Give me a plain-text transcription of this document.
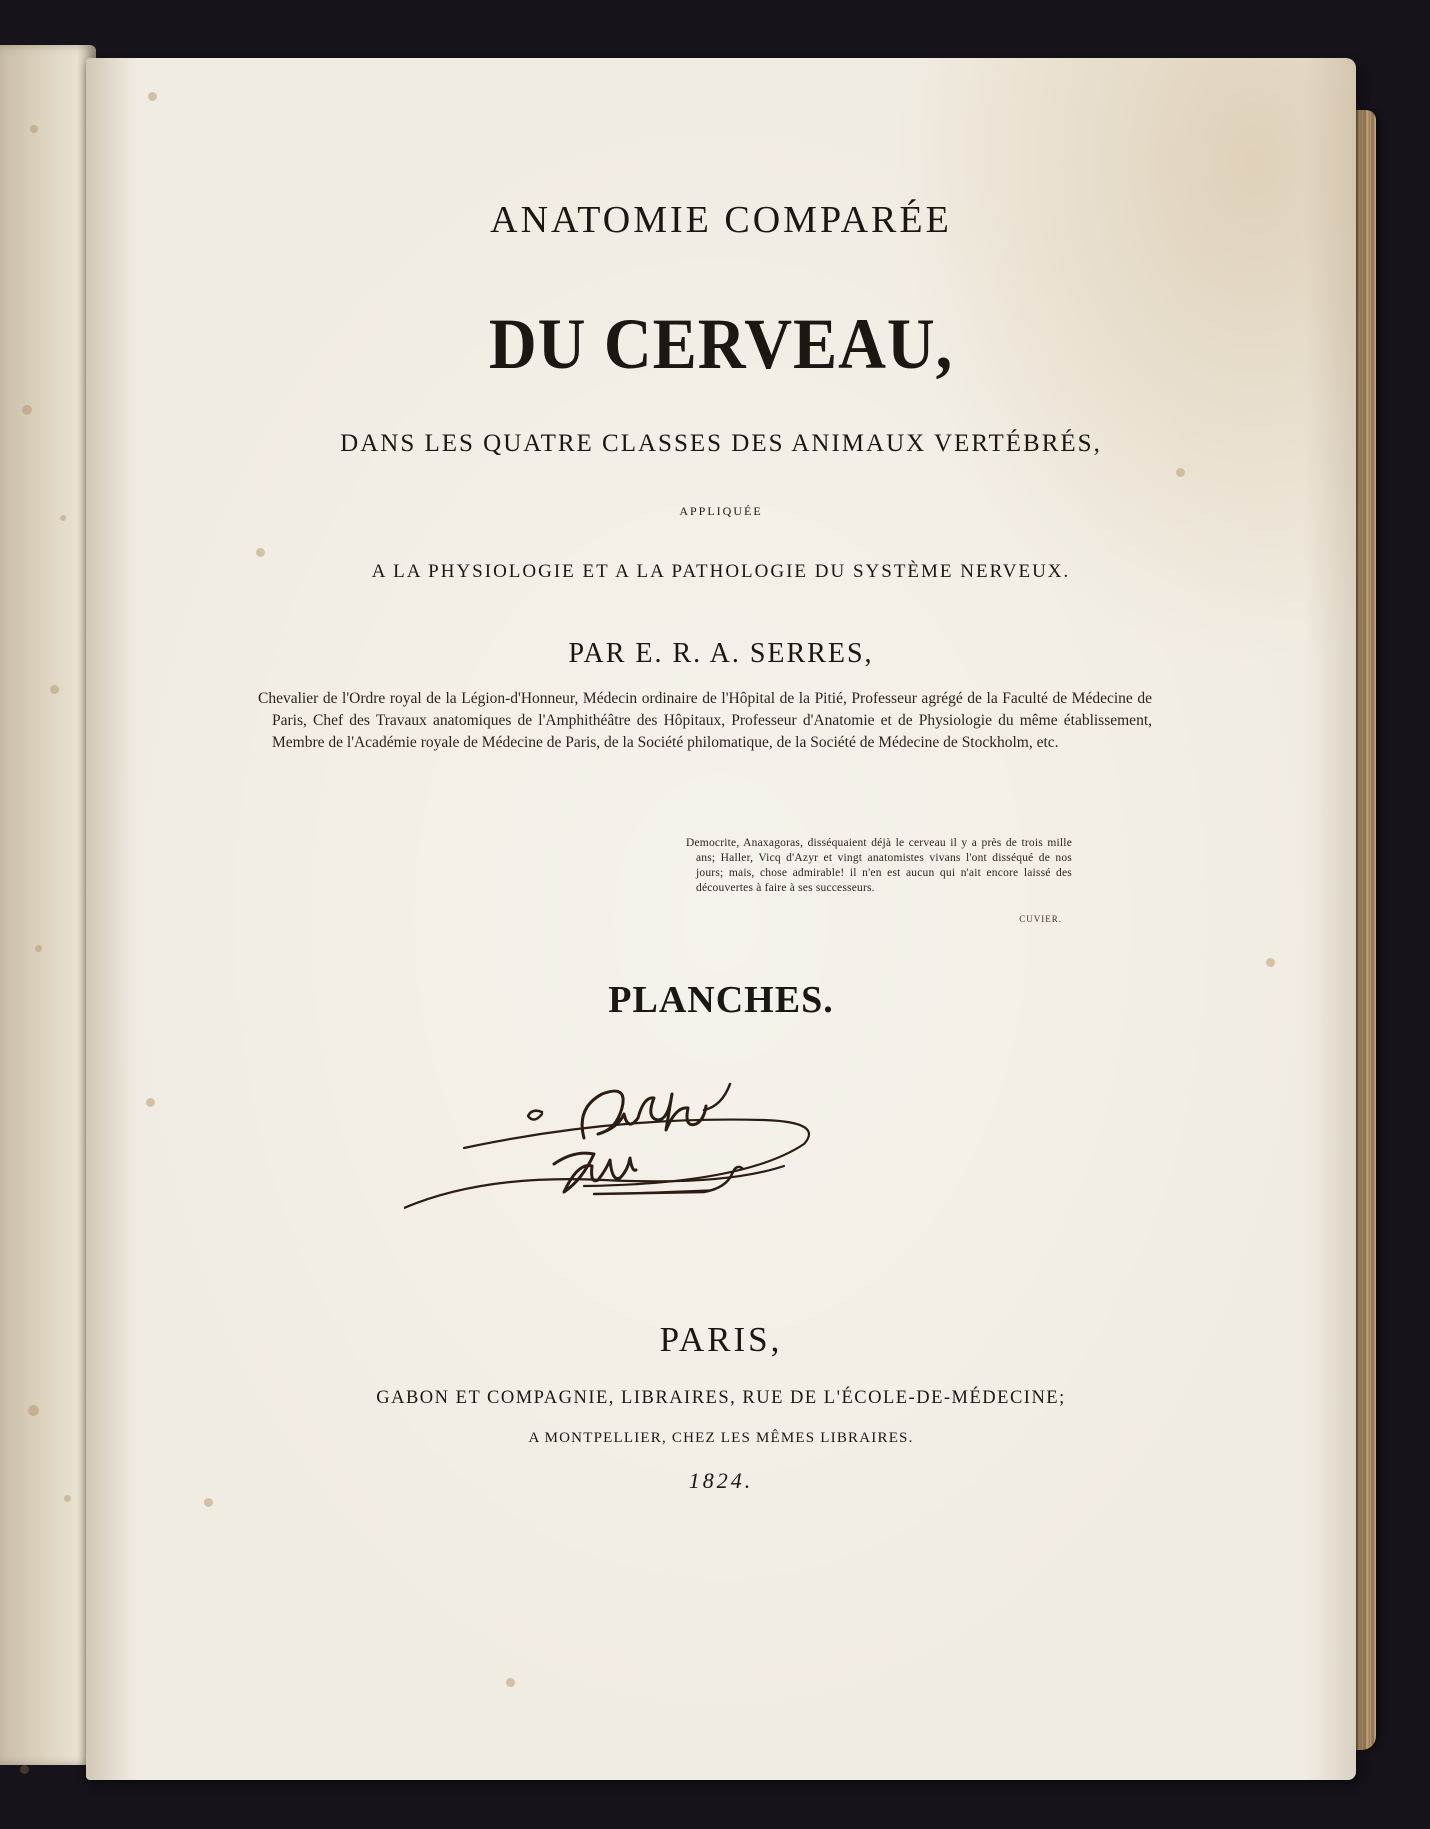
ANATOMIE COMPARÉE
DU CERVEAU,
DANS LES QUATRE CLASSES DES ANIMAUX VERTÉBRÉS,
APPLIQUÉE
A LA PHYSIOLOGIE ET A LA PATHOLOGIE DU SYSTÈME NERVEUX.
PAR E. R. A. SERRES,
Chevalier de l'Ordre royal de la Légion-d'Honneur, Médecin ordinaire de l'Hôpital de la Pitié, Professeur agrégé de la Faculté de Médecine de Paris, Chef des Travaux anatomiques de l'Amphithéâtre des Hôpitaux, Professeur d'Anatomie et de Physiologie du même établissement, Membre de l'Académie royale de Médecine de Paris, de la Société philomatique, de la Société de Médecine de Stockholm, etc.
Democrite, Anaxagoras, disséquaient déjà le cerveau il y a près de trois mille ans; Haller, Vicq d'Azyr et vingt anatomistes vivans l'ont disséqué de nos jours; mais, chose admirable! il n'en est aucun qui n'ait encore laissé des découvertes à faire à ses successeurs.
CUVIER.
PLANCHES.
PARIS,
GABON ET COMPAGNIE, LIBRAIRES, RUE DE L'ÉCOLE-DE-MÉDECINE;
A MONTPELLIER, CHEZ LES MÊMES LIBRAIRES.
1824.
